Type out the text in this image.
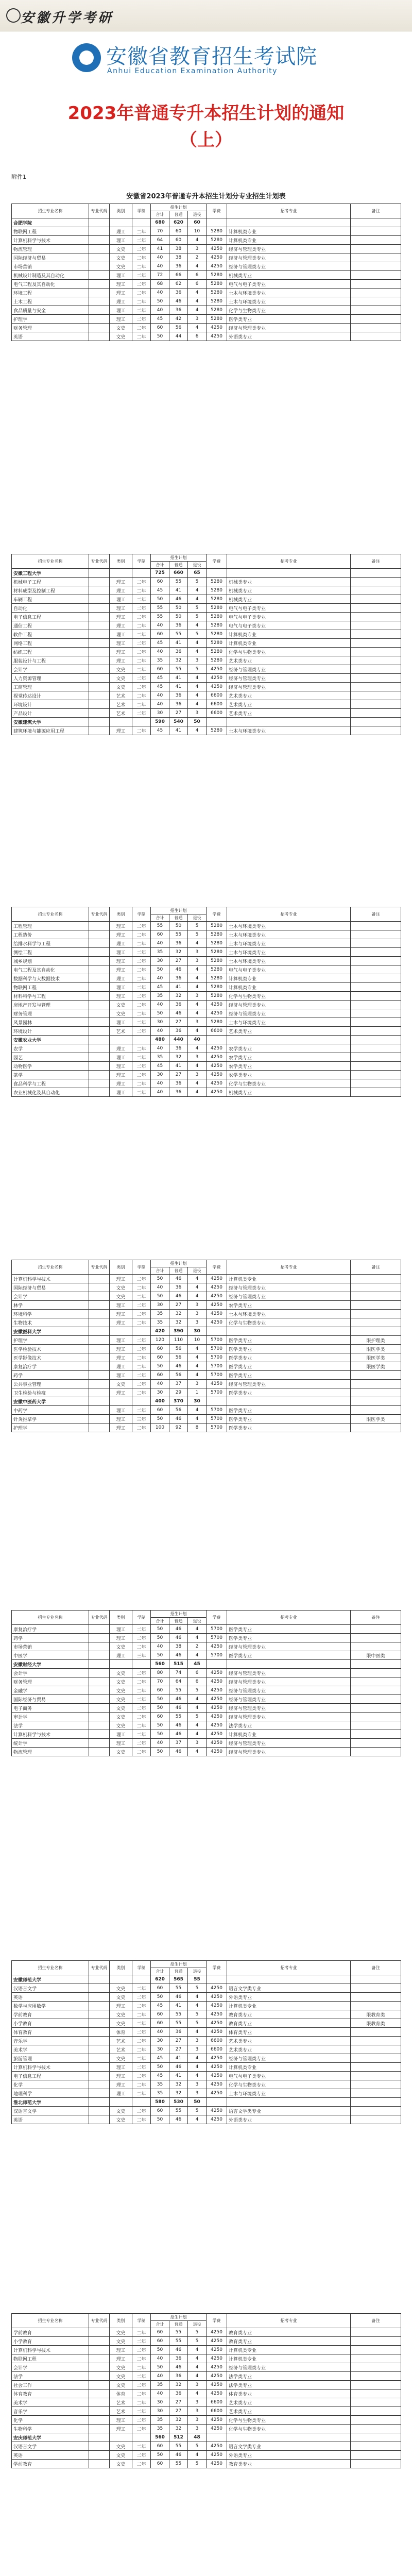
安徽升学考研
安徽省教育招生考试院
Anhui Education Examination Authority
2023年普通专升本招生计划的通知
（上）
附件1
安徽省2023年普通专升本招生计划分专业招生计划表
招生专业名称	专业代码	类别	学制	招生计划			学费	招考专业	备注
				合计	普通	退役			
合肥学院				680	620	60			
物联网工程		理工	二年	70	60	10	5280	计算机类专业	
计算机科学与技术		理工	二年	64	60	4	5280	计算机类专业	
物流管理		文史	二年	41	38	3	4250	经济与管理类专业	
国际经济与贸易		文史	二年	40	38	2	4250	经济与管理类专业	
市场营销		文史	二年	40	36	4	4250	经济与管理类专业	
机械设计制造及其自动化		理工	二年	72	66	6	5280	机械类专业	
电气工程及其自动化		理工	二年	68	62	6	5280	电气与电子类专业	
环境工程		理工	二年	40	36	4	5280	土木与环境类专业	
土木工程		理工	二年	50	46	4	5280	土木与环境类专业	
食品质量与安全		理工	二年	40	36	4	5280	化学与生物类专业	
护理学		理工	二年	45	42	3	5280	医学类专业	
财务管理		文史	二年	60	56	4	4250	经济与管理类专业	
英语		文史	二年	50	44	6	4250	外语类专业	
招生专业名称	专业代码	类别	学制	招生计划			学费	招考专业	备注
				合计	普通	退役			
安徽工程大学				725	660	65			
机械电子工程		理工	二年	60	55	5	5280	机械类专业	
材料成型及控制工程		理工	二年	45	41	4	5280	机械类专业	
车辆工程		理工	二年	50	46	4	5280	机械类专业	
自动化		理工	二年	55	50	5	5280	电气与电子类专业	
电子信息工程		理工	二年	55	50	5	5280	电气与电子类专业	
通信工程		理工	二年	40	36	4	5280	电气与电子类专业	
软件工程		理工	二年	60	55	5	5280	计算机类专业	
网络工程		理工	二年	45	41	4	5280	计算机类专业	
纺织工程		理工	二年	40	36	4	5280	化学与生物类专业	
服装设计与工程		理工	二年	35	32	3	5280	艺术类专业	
会计学		文史	二年	60	55	5	4250	经济与管理类专业	
人力资源管理		文史	二年	45	41	4	4250	经济与管理类专业	
工商管理		文史	二年	45	41	4	4250	经济与管理类专业	
视觉传达设计		艺术	二年	40	36	4	6600	艺术类专业	
环境设计		艺术	二年	40	36	4	6600	艺术类专业	
产品设计		艺术	二年	30	27	3	6600	艺术类专业	
安徽建筑大学				590	540	50			
建筑环境与能源应用工程		理工	二年	45	41	4	5280	土木与环境类专业	
招生专业名称	专业代码	类别	学制	招生计划			学费	招考专业	备注
				合计	普通	退役			
工程管理		理工	二年	55	50	5	5280	土木与环境类专业	
工程造价		理工	二年	60	55	5	5280	土木与环境类专业	
给排水科学与工程		理工	二年	40	36	4	5280	土木与环境类专业	
测绘工程		理工	二年	35	32	3	5280	土木与环境类专业	
城乡规划		理工	二年	30	27	3	5280	土木与环境类专业	
电气工程及其自动化		理工	二年	50	46	4	5280	电气与电子类专业	
数据科学与大数据技术		理工	二年	40	36	4	5280	计算机类专业	
物联网工程		理工	二年	45	41	4	5280	计算机类专业	
材料科学与工程		理工	二年	35	32	3	5280	化学与生物类专业	
房地产开发与管理		文史	二年	40	36	4	4250	经济与管理类专业	
财务管理		文史	二年	50	46	4	4250	经济与管理类专业	
风景园林		理工	二年	30	27	3	5280	土木与环境类专业	
环境设计		艺术	二年	40	36	4	6600	艺术类专业	
安徽农业大学				480	440	40			
农学		理工	二年	40	36	4	4250	农学类专业	
园艺		理工	二年	35	32	3	4250	农学类专业	
动物医学		理工	二年	45	41	4	4250	农学类专业	
茶学		理工	二年	30	27	3	4250	农学类专业	
食品科学与工程		理工	二年	40	36	4	4250	化学与生物类专业	
农业机械化及其自动化		理工	二年	40	36	4	4250	机械类专业	
招生专业名称	专业代码	类别	学制	招生计划			学费	招考专业	备注
				合计	普通	退役			
计算机科学与技术		理工	二年	50	46	4	4250	计算机类专业	
国际经济与贸易		文史	二年	40	36	4	4250	经济与管理类专业	
会计学		文史	二年	50	46	4	4250	经济与管理类专业	
林学		理工	二年	30	27	3	4250	农学类专业	
环境科学		理工	二年	35	32	3	4250	土木与环境类专业	
生物技术		理工	二年	35	32	3	4250	化学与生物类专业	
安徽医科大学				420	390	30			
护理学		理工	二年	120	110	10	5700	医学类专业	限护理类
医学检验技术		理工	二年	60	56	4	5700	医学类专业	限医学类
医学影像技术		理工	二年	60	56	4	5700	医学类专业	限医学类
康复治疗学		理工	二年	50	46	4	5700	医学类专业	限医学类
药学		理工	二年	60	56	4	5700	医学类专业	
公共事业管理		文史	二年	40	37	3	4250	经济与管理类专业	
卫生检验与检疫		理工	二年	30	29	1	5700	医学类专业	
安徽中医药大学				400	370	30			
中药学		理工	二年	60	56	4	5700	医学类专业	
针灸推拿学		理工	三年	50	46	4	5700	医学类专业	限医学类
护理学		理工	二年	100	92	8	5700	医学类专业	
招生专业名称	专业代码	类别	学制	招生计划			学费	招考专业	备注
				合计	普通	退役			
康复治疗学		理工	二年	50	46	4	5700	医学类专业	
药学		理工	二年	50	46	4	5700	医学类专业	
市场营销		文史	二年	40	38	2	4250	经济与管理类专业	
中医学		理工	三年	50	46	4	5700	医学类专业	限中医类
安徽财经大学				560	515	45			
会计学		文史	二年	80	74	6	4250	经济与管理类专业	
财务管理		文史	二年	70	64	6	4250	经济与管理类专业	
金融学		文史	二年	60	55	5	4250	经济与管理类专业	
国际经济与贸易		文史	二年	50	46	4	4250	经济与管理类专业	
电子商务		文史	二年	50	46	4	4250	经济与管理类专业	
审计学		文史	二年	60	55	5	4250	经济与管理类专业	
法学		文史	二年	50	46	4	4250	法学类专业	
计算机科学与技术		理工	二年	50	46	4	4250	计算机类专业	
统计学		理工	二年	40	37	3	4250	经济与管理类专业	
物流管理		文史	二年	50	46	4	4250	经济与管理类专业	
招生专业名称	专业代码	类别	学制	招生计划			学费	招考专业	备注
				合计	普通	退役			
安徽师范大学				620	565	55			
汉语言文学		文史	二年	60	55	5	4250	语言文学类专业	
英语		文史	二年	50	46	4	4250	外语类专业	
数学与应用数学		理工	二年	45	41	4	4250	计算机类专业	
学前教育		文史	二年	60	55	5	4250	教育类专业	限教育类
小学教育		文史	二年	60	55	5	4250	教育类专业	限教育类
体育教育		体育	二年	40	36	4	4250	体育类专业	
音乐学		艺术	二年	30	27	3	6600	艺术类专业	
美术学		艺术	二年	30	27	3	6600	艺术类专业	
旅游管理		文史	二年	45	41	4	4250	经济与管理类专业	
计算机科学与技术		理工	二年	50	46	4	4250	计算机类专业	
电子信息工程		理工	二年	45	41	4	4250	电气与电子类专业	
化学		理工	二年	35	32	3	4250	化学与生物类专业	
地理科学		理工	二年	35	32	3	4250	土木与环境类专业	
淮北师范大学				580	530	50			
汉语言文学		文史	二年	60	55	5	4250	语言文学类专业	
英语		文史	二年	50	46	4	4250	外语类专业	
招生专业名称	专业代码	类别	学制	招生计划			学费	招考专业	备注
				合计	普通	退役			
学前教育		文史	二年	60	55	5	4250	教育类专业	
小学教育		文史	二年	60	55	5	4250	教育类专业	
计算机科学与技术		理工	二年	50	46	4	4250	计算机类专业	
物联网工程		理工	二年	40	36	4	4250	计算机类专业	
会计学		文史	二年	50	46	4	4250	经济与管理类专业	
法学		文史	二年	40	36	4	4250	法学类专业	
社会工作		文史	二年	35	32	3	4250	法学类专业	
体育教育		体育	二年	40	36	4	4250	体育类专业	
美术学		艺术	二年	30	27	3	6600	艺术类专业	
音乐学		艺术	二年	30	27	3	6600	艺术类专业	
化学		理工	二年	35	32	3	4250	化学与生物类专业	
生物科学		理工	二年	35	32	3	4250	化学与生物类专业	
安庆师范大学				560	512	48			
汉语言文学		文史	二年	60	55	5	4250	语言文学类专业	
英语		文史	二年	50	46	4	4250	外语类专业	
学前教育		文史	二年	60	55	5	4250	教育类专业	
